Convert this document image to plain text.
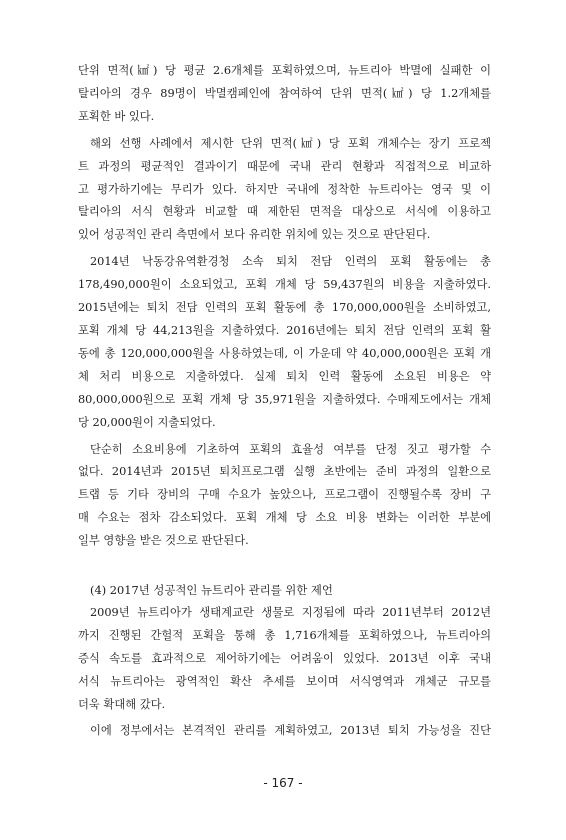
단위 면적(㎢) 당 평균 2.6개체를 포획하였으며, 뉴트리아 박멸에 실패한 이
탈리아의 경우 89명이 박멸캠페인에 참여하여 단위 면적(㎢) 당 1.2개체를
포획한 바 있다.
해외 선행 사례에서 제시한 단위 면적(㎢) 당 포획 개체수는 장기 프로젝
트 과정의 평균적인 결과이기 때문에 국내 관리 현황과 직접적으로 비교하
고 평가하기에는 무리가 있다. 하지만 국내에 정착한 뉴트리아는 영국 및 이
탈리아의 서식 현황과 비교할 때 제한된 면적을 대상으로 서식에 이용하고
있어 성공적인 관리 측면에서 보다 유리한 위치에 있는 것으로 판단된다.
2014년 낙동강유역환경청 소속 퇴치 전담 인력의 포획 활동에는 총
178,490,000원이 소요되었고, 포획 개체 당 59,437원의 비용을 지출하였다.
2015년에는 퇴치 전담 인력의 포획 활동에 총 170,000,000원을 소비하였고,
포획 개체 당 44,213원을 지출하였다. 2016년에는 퇴치 전담 인력의 포획 활
동에 총 120,000,000원을 사용하였는데, 이 가운데 약 40,000,000원은 포획 개
체 처리 비용으로 지출하였다. 실제 퇴치 인력 활동에 소요된 비용은 약
80,000,000원으로 포획 개체 당 35,971원을 지출하였다. 수매제도에서는 개체
당 20,000원이 지출되었다.
단순히 소요비용에 기초하여 포획의 효율성 여부를 단정 짓고 평가할 수
없다. 2014년과 2015년 퇴치프로그램 실행 초반에는 준비 과정의 일환으로
트랩 등 기타 장비의 구매 수요가 높았으나, 프로그램이 진행될수록 장비 구
매 수요는 점차 감소되었다. 포획 개체 당 소요 비용 변화는 이러한 부분에
일부 영향을 받은 것으로 판단된다.
(4) 2017년 성공적인 뉴트리아 관리를 위한 제언
2009년 뉴트리아가 생태계교란 생물로 지정됨에 따라 2011년부터 2012년
까지 진행된 간헐적 포획을 통해 총 1,716개체를 포획하였으나, 뉴트리아의
증식 속도를 효과적으로 제어하기에는 어려움이 있었다. 2013년 이후 국내
서식 뉴트리아는 광역적인 확산 추세를 보이며 서식영역과 개체군 규모를
더욱 확대해 갔다.
이에 정부에서는 본격적인 관리를 계획하였고, 2013년 퇴치 가능성을 진단
- 167 -
